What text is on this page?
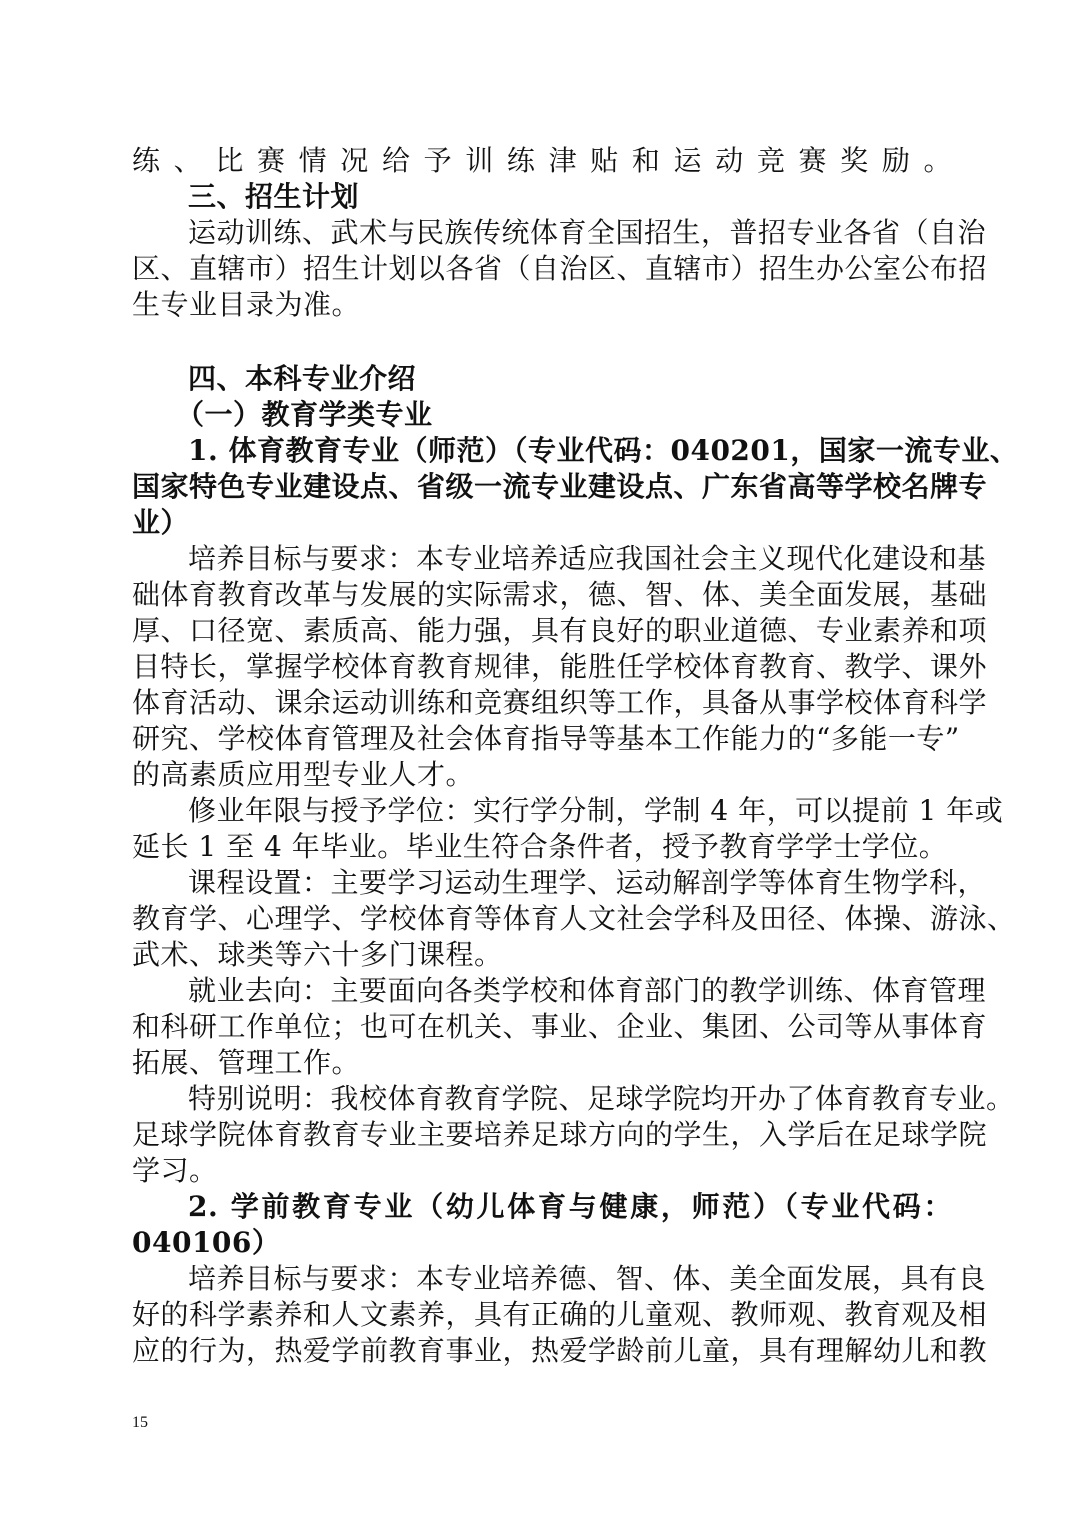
练、比赛情况给予训练津贴和运动竞赛奖励。
三、招生计划
运动训练、武术与民族传统体育全国招生，普招专业各省（自治
区、直辖市）招生计划以各省（自治区、直辖市）招生办公室公布招
生专业目录为准。
四、本科专业介绍
（一）教育学类专业
1. 体育教育专业（师范）（专业代码：040201，国家一流专业、
国家特色专业建设点、省级一流专业建设点、广东省高等学校名牌专
业）
培养目标与要求：本专业培养适应我国社会主义现代化建设和基
础体育教育改革与发展的实际需求，德、智、体、美全面发展，基础
厚、口径宽、素质高、能力强，具有良好的职业道德、专业素养和项
目特长，掌握学校体育教育规律，能胜任学校体育教育、教学、课外
体育活动、课余运动训练和竞赛组织等工作，具备从事学校体育科学
研究、学校体育管理及社会体育指导等基本工作能力的“多能一专”
的高素质应用型专业人才。
修业年限与授予学位：实行学分制，学制 4 年，可以提前 1 年或
延长 1 至 4 年毕业。毕业生符合条件者，授予教育学学士学位。
课程设置：主要学习运动生理学、运动解剖学等体育生物学科，
教育学、心理学、学校体育等体育人文社会学科及田径、体操、游泳、
武术、球类等六十多门课程。
就业去向：主要面向各类学校和体育部门的教学训练、体育管理
和科研工作单位；也可在机关、事业、企业、集团、公司等从事体育
拓展、管理工作。
特别说明：我校体育教育学院、足球学院均开办了体育教育专业。
足球学院体育教育专业主要培养足球方向的学生，入学后在足球学院
学习。
2. 学前教育专业（幼儿体育与健康，师范）（专业代码：
040106）
培养目标与要求：本专业培养德、智、体、美全面发展，具有良
好的科学素养和人文素养，具有正确的儿童观、教师观、教育观及相
应的行为，热爱学前教育事业，热爱学龄前儿童，具有理解幼儿和教
15
